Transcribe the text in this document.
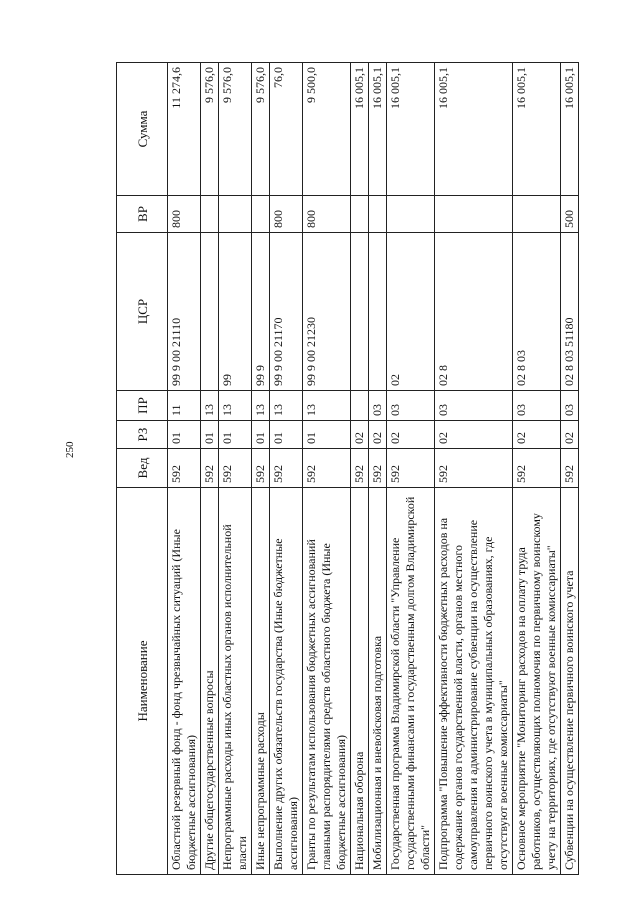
250
Наименование	Вед	РЗ	ПР	ЦСР	ВР	Сумма
Областной резервный фонд - фонд чрезвычайных ситуаций (Иные бюджетные ассигнования)	592	01	11	99 9 00 21110	800	11 274,6
Другие общегосударственные вопросы	592	01	13			9 576,0
Непрограммные расходы иных областных органов исполнительной власти	592	01	13	99		9 576,0
Иные непрограммные расходы	592	01	13	99 9		9 576,0
Выполнение других обязательств государства (Иные бюджетные ассигнования)	592	01	13	99 9 00 21170	800	76,0
Гранты по результатам использования бюджетных ассигнований главными распорядителями средств областного бюджета (Иные бюджетные ассигнования)	592	01	13	99 9 00 21230	800	9 500,0
Национальная оборона	592	02				16 005,1
Мобилизационная и вневойсковая подготовка	592	02	03			16 005,1
Государственная программа Владимирской области "Управление государственными финансами и государственным долгом Владимирской области"	592	02	03	02		16 005,1
Подпрограмма "Повышение эффективности бюджетных расходов на содержание органов государственной власти, органов местного самоуправления и администрирование субвенции на осуществление первичного воинского учета в муниципальных образованиях, где отсутствуют военные комиссариаты"	592	02	03	02 8		16 005,1
Основное мероприятие "Мониторинг расходов на оплату труда работников, осуществляющих полномочия по первичному воинскому учету на территориях, где отсутствуют военные комиссариаты"	592	02	03	02 8 03		16 005,1
Субвенции на осуществление первичного воинского учета	592	02	03	02 8 03 51180	500	16 005,1
